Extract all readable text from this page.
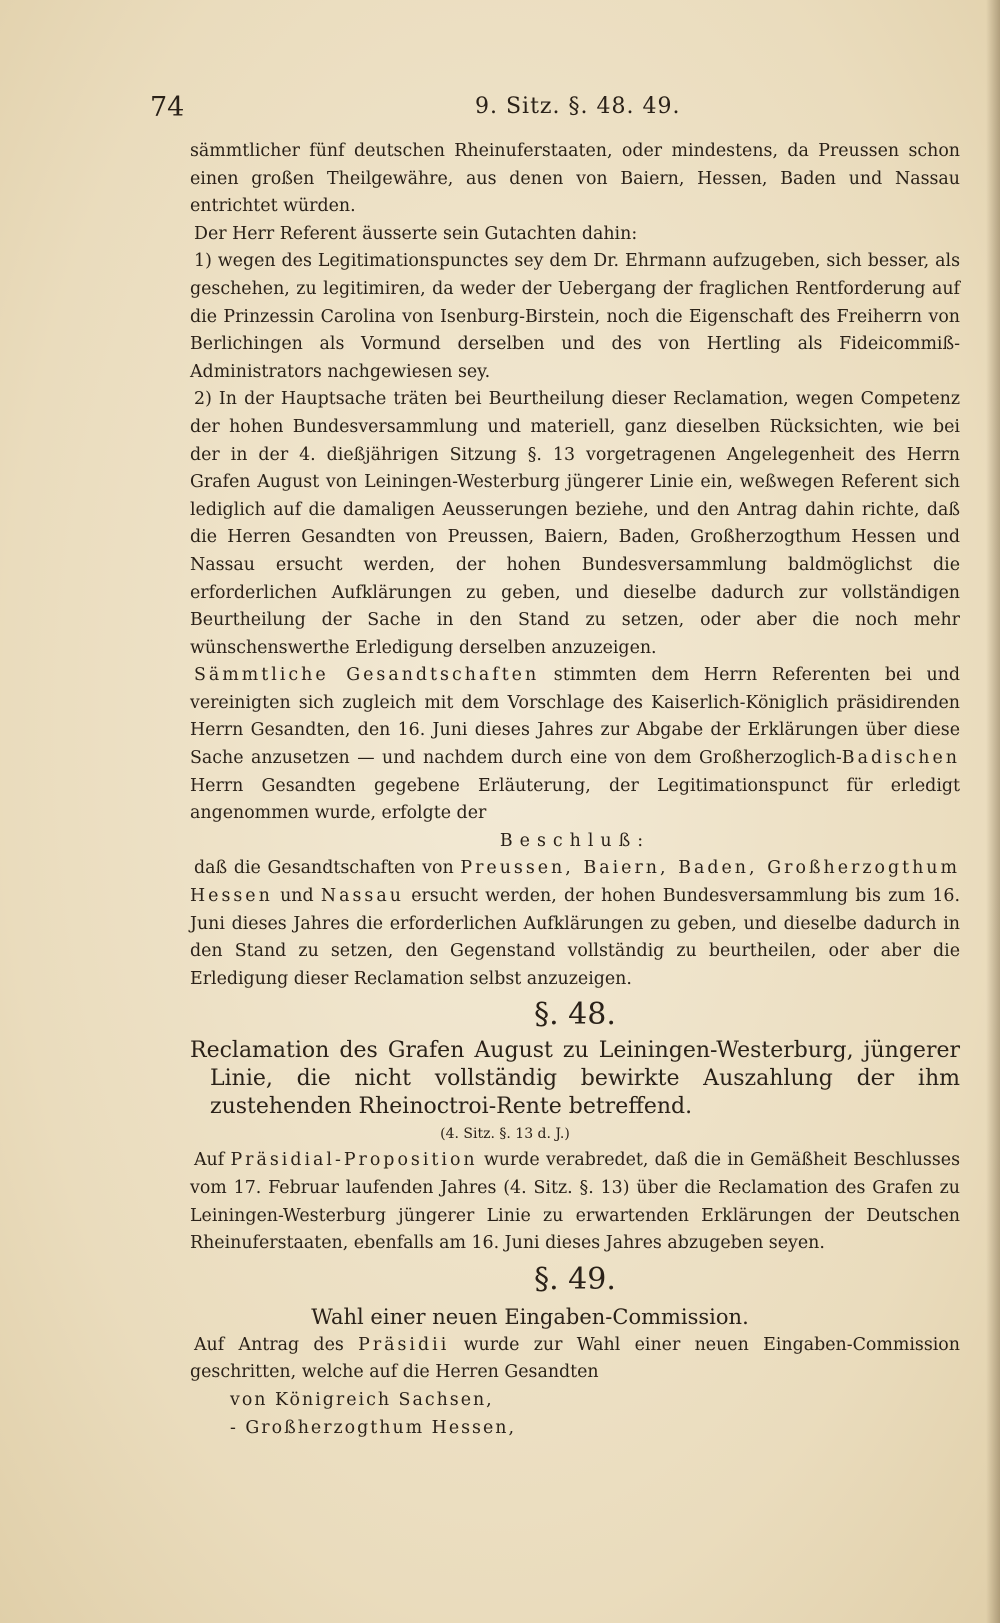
74	9. Sitz. §. 48. 49.

sämmtlicher fünf deutschen Rheinuferstaaten, oder mindestens, da Preussen schon einen großen Theilgewähre, aus denen von Baiern, Hessen, Baden und Nassau entrichtet würden.

Der Herr Referent äusserte sein Gutachten dahin:

1) wegen des Legitimationspunctes sey dem Dr. Ehrmann aufzugeben, sich besser, als geschehen, zu legitimiren, da weder der Uebergang der fraglichen Rentforderung auf die Prinzessin Carolina von Isenburg-Birstein, noch die Eigenschaft des Freiherrn von Berlichingen als Vormund derselben und des von Hertling als Fideicommiß-Administrators nachgewiesen sey.

2) In der Hauptsache träten bei Beurtheilung dieser Reclamation, wegen Competenz der hohen Bundesversammlung und materiell, ganz dieselben Rücksichten, wie bei der in der 4. dießjährigen Sitzung §. 13 vorgetragenen Angelegenheit des Herrn Grafen August von Leiningen-Westerburg jüngerer Linie ein, weßwegen Referent sich lediglich auf die damaligen Aeusserungen beziehe, und den Antrag dahin richte, daß die Herren Gesandten von Preussen, Baiern, Baden, Großherzogthum Hessen und Nassau ersucht werden, der hohen Bundesversammlung baldmöglichst die erforderlichen Aufklärungen zu geben, und dieselbe dadurch zur vollständigen Beurtheilung der Sache in den Stand zu setzen, oder aber die noch mehr wünschenswerthe Erledigung derselben anzuzeigen.

Sämmtliche Gesandtschaften stimmten dem Herrn Referenten bei und vereinigten sich zugleich mit dem Vorschlage des Kaiserlich-Königlich präsidirenden Herrn Gesandten, den 16. Juni dieses Jahres zur Abgabe der Erklärungen über diese Sache anzusetzen — und nachdem durch eine von dem Großherzoglich-Badischen Herrn Gesandten gegebene Erläuterung, der Legitimationspunct für erledigt angenommen wurde, erfolgte der

Beschluß:

daß die Gesandtschaften von Preussen, Baiern, Baden, Großherzogthum Hessen und Nassau ersucht werden, der hohen Bundesversammlung bis zum 16. Juni dieses Jahres die erforderlichen Aufklärungen zu geben, und dieselbe dadurch in den Stand zu setzen, den Gegenstand vollständig zu beurtheilen, oder aber die Erledigung dieser Reclamation selbst anzuzeigen.

§. 48.

Reclamation des Grafen August zu Leiningen-Westerburg, jüngerer Linie, die nicht vollständig bewirkte Auszahlung der ihm zustehenden Rheinoctroi-Rente betreffend.

(4. Sitz. §. 13 d. J.)

Auf Präsidial-Proposition wurde verabredet, daß die in Gemäßheit Beschlusses vom 17. Februar laufenden Jahres (4. Sitz. §. 13) über die Reclamation des Grafen zu Leiningen-Westerburg jüngerer Linie zu erwartenden Erklärungen der Deutschen Rheinuferstaaten, ebenfalls am 16. Juni dieses Jahres abzugeben seyen.

§. 49.

Wahl einer neuen Eingaben-Commission.

Auf Antrag des Präsidii wurde zur Wahl einer neuen Eingaben-Commission geschritten, welche auf die Herren Gesandten

von Königreich Sachsen,

- Großherzogthum Hessen,
